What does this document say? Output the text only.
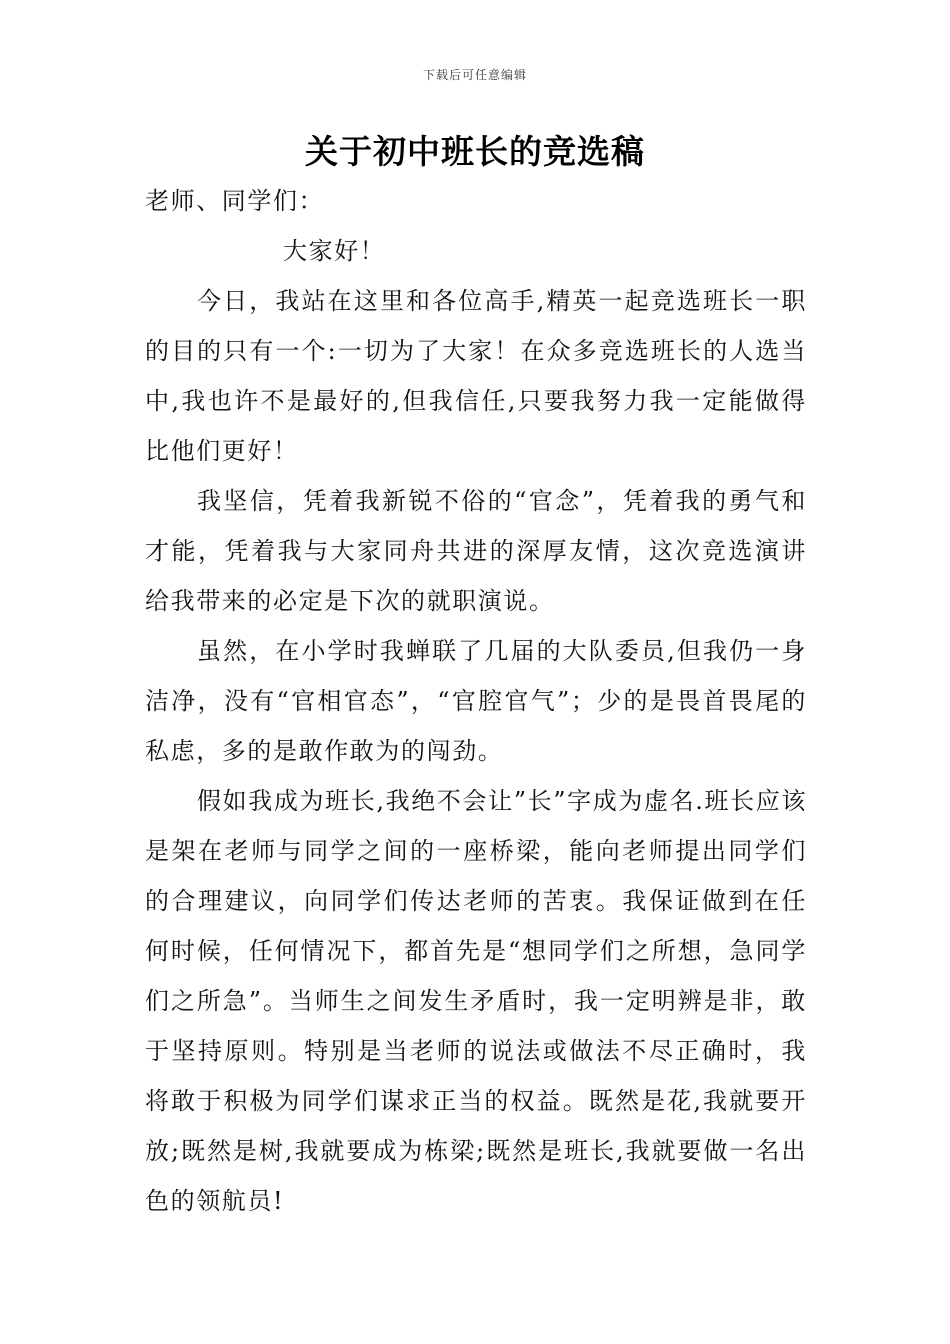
下载后可任意编辑
关于初中班长的竞选稿

老师、同学们：

大家好！

今日，我站在这里和各位高手,精英一起竞选班长一职的目的只有一个:一切为了大家！在众多竞选班长的人选当中,我也许不是最好的,但我信任,只要我努力我一定能做得比他们更好！

我坚信，凭着我新锐不俗的“官念”，凭着我的勇气和才能，凭着我与大家同舟共进的深厚友情，这次竞选演讲给我带来的必定是下次的就职演说。

虽然，在小学时我蝉联了几届的大队委员,但我仍一身洁净，没有“官相官态”，“官腔官气”；少的是畏首畏尾的私虑，多的是敢作敢为的闯劲。

假如我成为班长,我绝不会让”长”字成为虚名.班长应该是架在老师与同学之间的一座桥梁，能向老师提出同学们的合理建议，向同学们传达老师的苦衷。我保证做到在任何时候，任何情况下，都首先是“想同学们之所想，急同学们之所急”。当师生之间发生矛盾时，我一定明辨是非，敢于坚持原则。特别是当老师的说法或做法不尽正确时，我将敢于积极为同学们谋求正当的权益。既然是花,我就要开放;既然是树,我就要成为栋梁;既然是班长,我就要做一名出色的领航员!
